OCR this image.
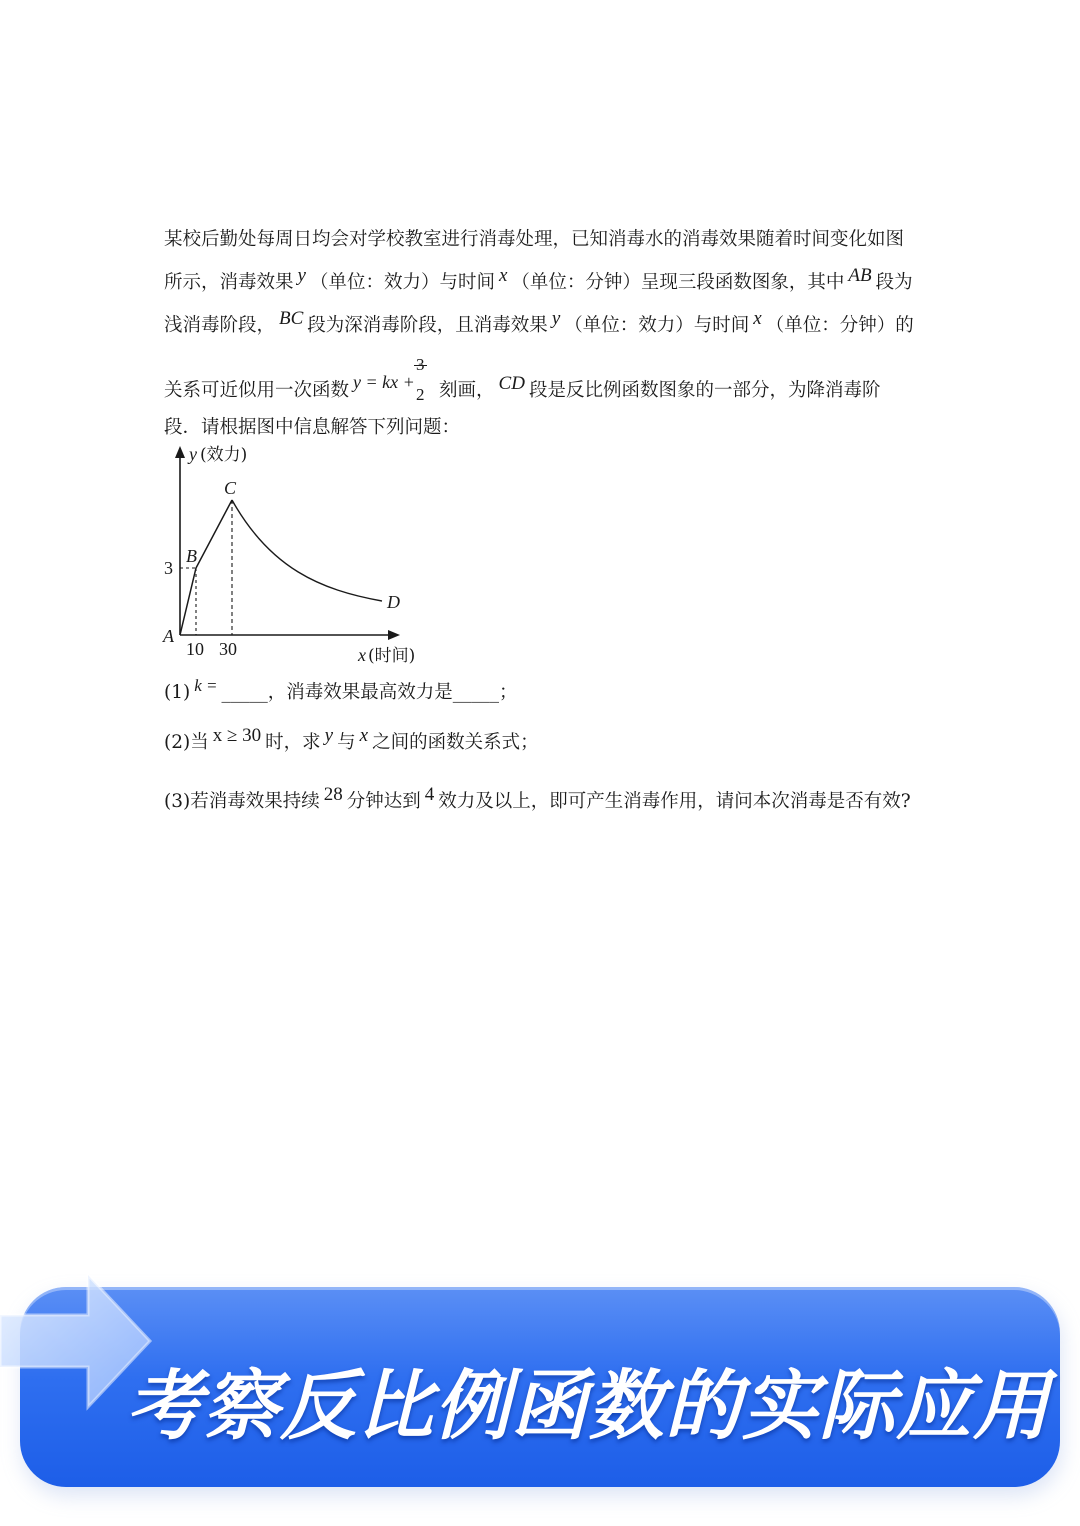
某校后勤处每周日均会对学校教室进行消毒处理，已知消毒水的消毒效果随着时间变化如图
所示，消毒效果 y （单位：效力）与时间 x （单位：分钟）呈现三段函数图象，其中 AB 段为
浅消毒阶段， BC 段为深消毒阶段，且消毒效果 y （单位：效力）与时间 x （单位：分钟）的
关系可近似用一次函数 y = kx +
3
2 刻画， CD 段是反比例函数图象的一部分，为降消毒阶
段．请根据图中信息解答下列问题：
y (效力)
x (时间)
A
B
C
D
3
10 30
(1) k = _____，消毒效果最高效力是_____；
(2)当 x ≥ 30 时，求 y 与 x 之间的函数关系式；
(3)若消毒效果持续 28 分钟达到 4 效力及以上，即可产生消毒作用，请问本次消毒是否有效?
考察反比例函数的实际应用
